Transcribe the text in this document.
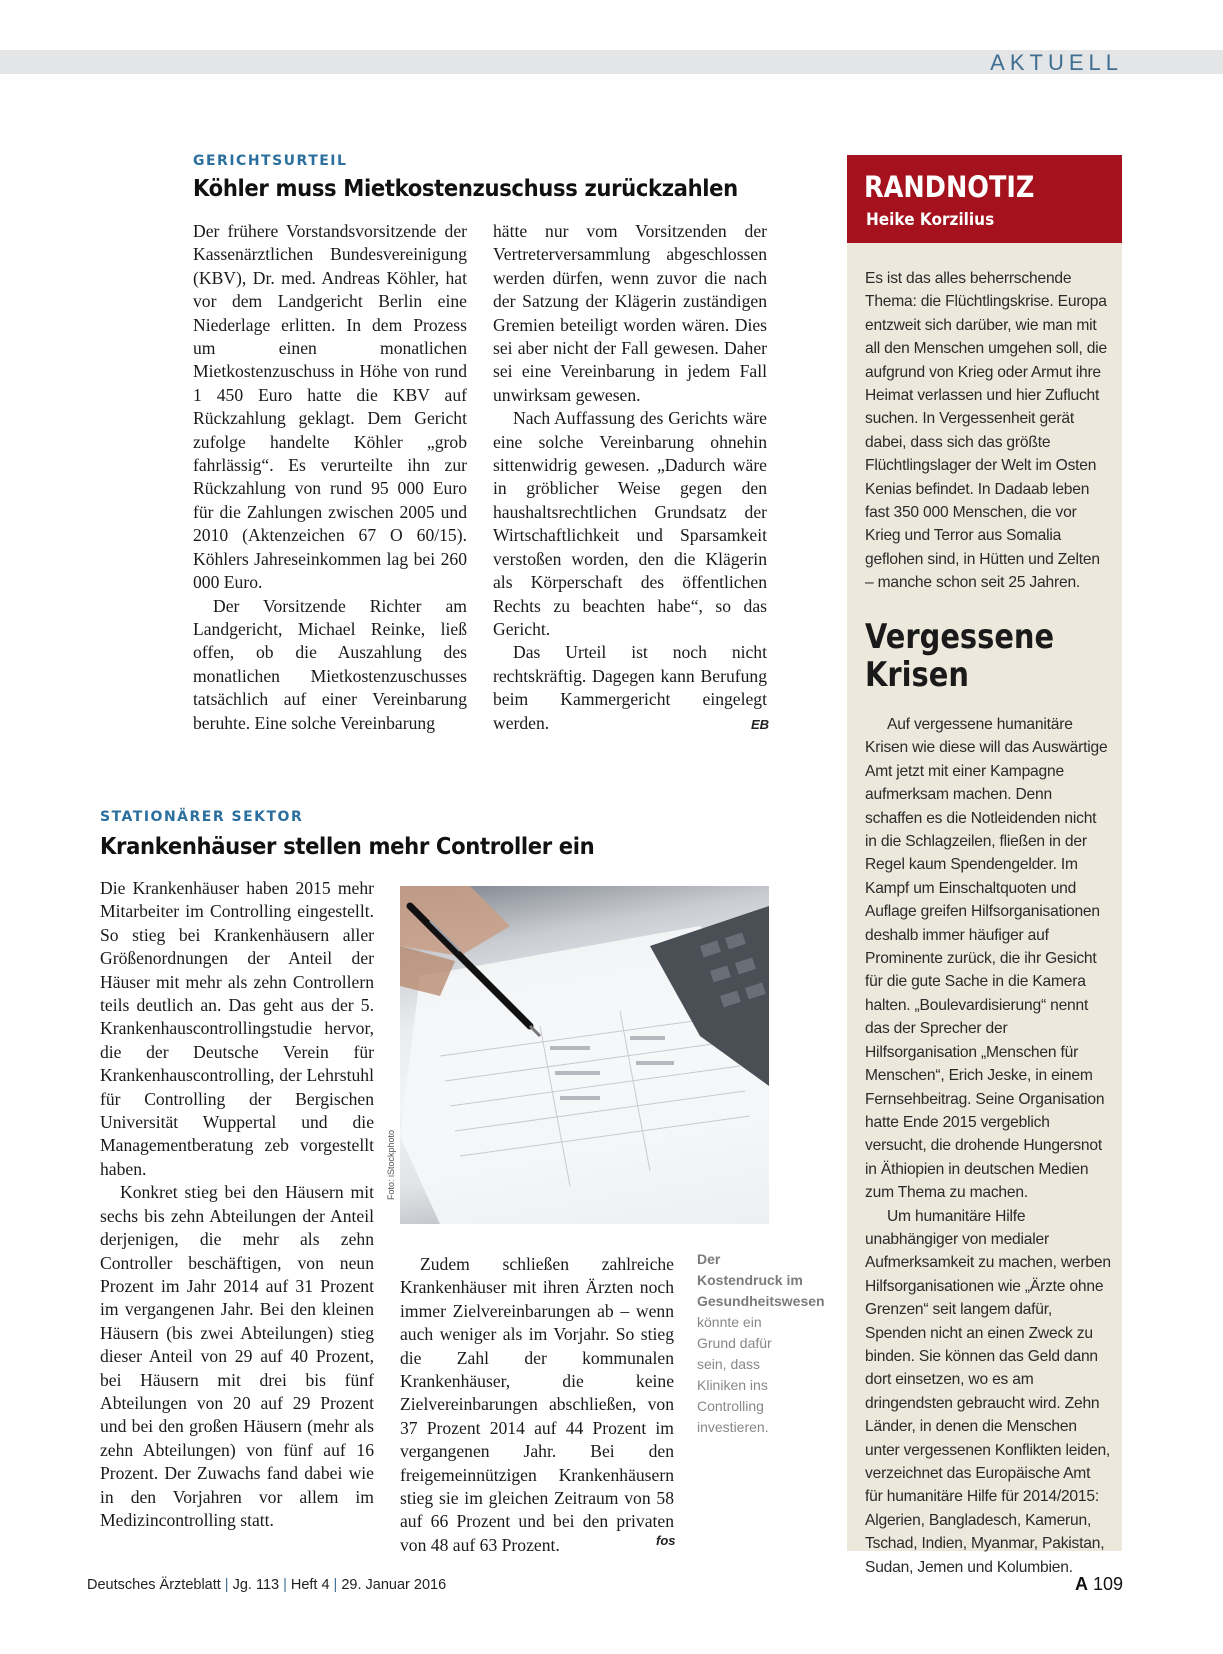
AKTUELL
GERICHTSURTEIL
Köhler muss Mietkostenzuschuss zurückzahlen

Der frühere Vorstandsvorsitzende der Kassenärztlichen Bundesvereinigung (KBV), Dr. med. Andreas Köhler, hat vor dem Landgericht Berlin eine Niederlage erlitten. In dem Prozess um einen monatlichen Mietkostenzuschuss in Höhe von rund 1 450 Euro hatte die KBV auf Rückzahlung geklagt. Dem Gericht zufolge handelte Köhler „grob fahrlässig“. Es verurteilte ihn zur Rückzahlung von rund 95 000 Euro für die Zahlungen zwischen 2005 und 2010 (Aktenzeichen 67 O 60/15). Köhlers Jahreseinkommen lag bei 260 000 Euro.

Der Vorsitzende Richter am Landgericht, Michael Reinke, ließ offen, ob die Auszahlung des monatlichen Mietkostenzuschusses tatsächlich auf einer Vereinbarung beruhte. Eine solche Vereinbarung

hätte nur vom Vorsitzenden der Vertreterversammlung abgeschlossen werden dürfen, wenn zuvor die nach der Satzung der Klägerin zuständigen Gremien beteiligt worden wären. Dies sei aber nicht der Fall gewesen. Daher sei eine Vereinbarung in jedem Fall unwirksam gewesen.

Nach Auffassung des Gerichts wäre eine solche Vereinbarung ohnehin sittenwidrig gewesen. „Dadurch wäre in gröblicher Weise gegen den haushaltsrechtlichen Grundsatz der Wirtschaftlichkeit und Sparsamkeit verstoßen worden, den die Klägerin als Körperschaft des öffentlichen Rechts zu beachten habe“, so das Gericht.

Das Urteil ist noch nicht rechtskräftig. Dagegen kann Berufung beim Kammergericht eingelegt werden.	EB
STATIONÄRER SEKTOR
Krankenhäuser stellen mehr Controller ein

Die Krankenhäuser haben 2015 mehr Mitarbeiter im Controlling eingestellt. So stieg bei Krankenhäusern aller Größenordnungen der Anteil der Häuser mit mehr als zehn Controllern teils deutlich an. Das geht aus der 5. Krankenhauscontrollingstudie hervor, die der Deutsche Verein für Krankenhauscontrolling, der Lehrstuhl für Controlling der Bergischen Universität Wuppertal und die Managementberatung zeb vorgestellt haben.

Konkret stieg bei den Häusern mit sechs bis zehn Abteilungen der Anteil derjenigen, die mehr als zehn Controller beschäftigen, von neun Prozent im Jahr 2014 auf 31 Prozent im vergangenen Jahr. Bei den kleinen Häusern (bis zwei Abteilungen) stieg dieser Anteil von 29 auf 40 Prozent, bei Häusern mit drei bis fünf Abteilungen von 20 auf 29 Prozent und bei den großen Häusern (mehr als zehn Abteilungen) von fünf auf 16 Prozent. Der Zuwachs fand dabei wie in den Vorjahren vor allem im Medizincontrolling statt.

Foto: iStockphoto

Zudem schließen zahlreiche Krankenhäuser mit ihren Ärzten noch immer Zielvereinbarungen ab – wenn auch weniger als im Vorjahr. So stieg die Zahl der kommunalen Krankenhäuser, die keine Zielvereinbarungen abschließen, von 37 Prozent 2014 auf 44 Prozent im vergangenen Jahr. Bei den freigemeinnützigen Krankenhäusern stieg sie im gleichen Zeitraum von 58 auf 66 Prozent und bei den privaten von 48 auf 63 Prozent.	fos
Der Kostendruck im Gesundheitswesen könnte ein Grund dafür sein, dass Kliniken ins Controlling investieren.
RANDNOTIZ
Heike Korzilius

Es ist das alles beherrschende Thema: die Flüchtlingskrise. Europa entzweit sich darüber, wie man mit all den Menschen umgehen soll, die aufgrund von Krieg oder Armut ihre Heimat verlassen und hier Zuflucht suchen. In Vergessenheit gerät dabei, dass sich das größte Flüchtlingslager der Welt im Osten Kenias befindet. In Dadaab leben fast 350 000 Menschen, die vor Krieg und Terror aus Somalia geflohen sind, in Hütten und Zelten – manche schon seit 25 Jahren.

Vergessene
Krisen

Auf vergessene humanitäre Krisen wie diese will das Auswärtige Amt jetzt mit einer Kampagne aufmerksam machen. Denn schaffen es die Notleidenden nicht in die Schlagzeilen, fließen in der Regel kaum Spendengelder. Im Kampf um Einschaltquoten und Auflage greifen Hilfsorganisationen deshalb immer häufiger auf Prominente zurück, die ihr Gesicht für die gute Sache in die Kamera halten. „Boulevardisierung“ nennt das der Sprecher der Hilfsorganisation „Menschen für Menschen“, Erich Jeske, in einem Fernsehbeitrag. Seine Organisation hatte Ende 2015 vergeblich versucht, die drohende Hungersnot in Äthiopien in deutschen Medien zum Thema zu machen.

Um humanitäre Hilfe unabhängiger von medialer Aufmerksamkeit zu machen, werben Hilfsorganisationen wie „Ärzte ohne Grenzen“ seit langem dafür, Spenden nicht an einen Zweck zu binden. Sie können das Geld dann dort einsetzen, wo es am dringendsten gebraucht wird. Zehn Länder, in denen die Menschen unter vergessenen Konflikten leiden, verzeichnet das Europäische Amt für humanitäre Hilfe für 2014/2015: Algerien, Bangladesch, Kamerun, Tschad, Indien, Myanmar, Pakistan, Sudan, Jemen und Kolumbien.

Deutsches Ärzteblatt | Jg. 113 | Heft 4 | 29. Januar 2016	A 109
